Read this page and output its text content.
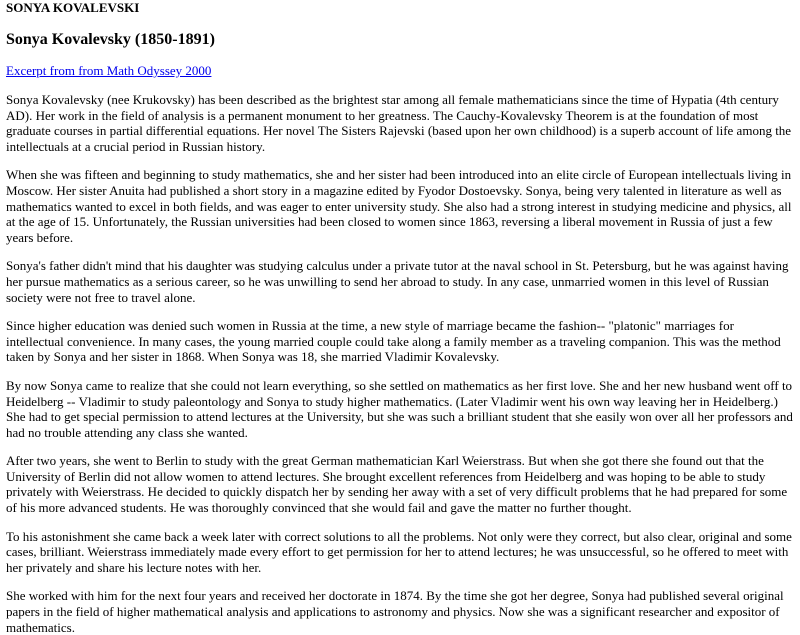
SONYA KOVALEVSKI
Sonya Kovalevsky (1850-1891)
Excerpt from from Math Odyssey 2000

Sonya Kovalevsky (nee Krukovsky) has been described as the brightest star among all female mathematicians since the time of Hypatia (4th century AD). Her work in the field of analysis is a permanent monument to her greatness. The Cauchy-Kovalevsky Theorem is at the foundation of most graduate courses in partial differential equations. Her novel The Sisters Rajevski (based upon her own childhood) is a superb account of life among the intellectuals at a crucial period in Russian history.

When she was fifteen and beginning to study mathematics, she and her sister had been introduced into an elite circle of European intellectuals living in Moscow. Her sister Anuita had published a short story in a magazine edited by Fyodor Dostoevsky. Sonya, being very talented in literature as well as mathematics wanted to excel in both fields, and was eager to enter university study. She also had a strong interest in studying medicine and physics, all at the age of 15. Unfortunately, the Russian universities had been closed to women since 1863, reversing a liberal movement in Russia of just a few years before.

Sonya's father didn't mind that his daughter was studying calculus under a private tutor at the naval school in St. Petersburg, but he was against having her pursue mathematics as a serious career, so he was unwilling to send her abroad to study. In any case, unmarried women in this level of Russian society were not free to travel alone.

Since higher education was denied such women in Russia at the time, a new style of marriage became the fashion-- "platonic" marriages for intellectual convenience. In many cases, the young married couple could take along a family member as a traveling companion. This was the method taken by Sonya and her sister in 1868. When Sonya was 18, she married Vladimir Kovalevsky.

By now Sonya came to realize that she could not learn everything, so she settled on mathematics as her first love. She and her new husband went off to Heidelberg -- Vladimir to study paleontology and Sonya to study higher mathematics. (Later Vladimir went his own way leaving her in Heidelberg.) She had to get special permission to attend lectures at the University, but she was such a brilliant student that she easily won over all her professors and had no trouble attending any class she wanted.

After two years, she went to Berlin to study with the great German mathematician Karl Weierstrass. But when she got there she found out that the University of Berlin did not allow women to attend lectures. She brought excellent references from Heidelberg and was hoping to be able to study privately with Weierstrass. He decided to quickly dispatch her by sending her away with a set of very difficult problems that he had prepared for some of his more advanced students. He was thoroughly convinced that she would fail and gave the matter no further thought.

To his astonishment she came back a week later with correct solutions to all the problems. Not only were they correct, but also clear, original and some cases, brilliant. Weierstrass immediately made every effort to get permission for her to attend lectures; he was unsuccessful, so he offered to meet with her privately and share his lecture notes with her.

She worked with him for the next four years and received her doctorate in 1874. By the time she got her degree, Sonya had published several original papers in the field of higher mathematical analysis and applications to astronomy and physics. Now she was a significant researcher and expositor of mathematics.
